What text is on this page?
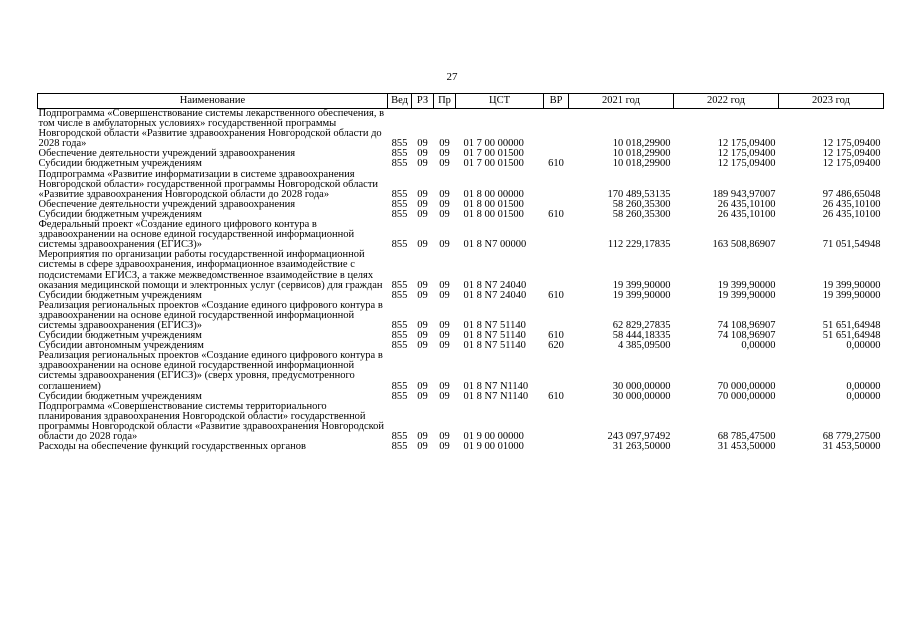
27
Наименование	Вед	РЗ	Пр	ЦСТ	ВР	2021 год	2022 год	2023 год
Подпрограмма «Совершенствование системы лекарственного обеспечения, в том числе в амбулаторных условиях» государственной программы Новгородской области «Развитие здравоохранения Новгородской области до 2028 года»	855	09	09	01 7 00 00000		10 018,29900	12 175,09400	12 175,09400
Обеспечение деятельности учреждений здравоохранения	855	09	09	01 7 00 01500		10 018,29900	12 175,09400	12 175,09400
Субсидии бюджетным учреждениям	855	09	09	01 7 00 01500	610	10 018,29900	12 175,09400	12 175,09400
Подпрограмма «Развитие информатизации в системе здравоохранения Новгородской области» государственной программы Новгородской области «Развитие здравоохранения Новгородской области до 2028 года»	855	09	09	01 8 00 00000		170 489,53135	189 943,97007	97 486,65048
Обеспечение деятельности учреждений здравоохранения	855	09	09	01 8 00 01500		58 260,35300	26 435,10100	26 435,10100
Субсидии бюджетным учреждениям	855	09	09	01 8 00 01500	610	58 260,35300	26 435,10100	26 435,10100
Федеральный проект «Создание единого цифрового контура в здравоохранении на основе единой государственной информационной системы здравоохранения (ЕГИСЗ)»	855	09	09	01 8 N7 00000		112 229,17835	163 508,86907	71 051,54948
Мероприятия по организации работы государственной информационной системы в сфере здравоохранения, информационное взаимодействие с подсистемами ЕГИСЗ, а также межведомственное взаимодействие в целях оказания медицинской помощи и электронных услуг (сервисов) для граждан	855	09	09	01 8 N7 24040		19 399,90000	19 399,90000	19 399,90000
Субсидии бюджетным учреждениям	855	09	09	01 8 N7 24040	610	19 399,90000	19 399,90000	19 399,90000
Реализация региональных проектов «Создание единого цифрового контура в здравоохранении на основе единой государственной информационной системы здравоохранения (ЕГИСЗ)»	855	09	09	01 8 N7 51140		62 829,27835	74 108,96907	51 651,64948
Субсидии бюджетным учреждениям	855	09	09	01 8 N7 51140	610	58 444,18335	74 108,96907	51 651,64948
Субсидии автономным учреждениям	855	09	09	01 8 N7 51140	620	4 385,09500	0,00000	0,00000
Реализация региональных проектов «Создание единого цифрового контура в здравоохранении на основе единой государственной информационной системы здравоохранения (ЕГИСЗ)» (сверх уровня, предусмотренного соглашением)	855	09	09	01 8 N7 N1140		30 000,00000	70 000,00000	0,00000
Субсидии бюджетным учреждениям	855	09	09	01 8 N7 N1140	610	30 000,00000	70 000,00000	0,00000
Подпрограмма «Совершенствование системы территориального планирования здравоохранения Новгородской области» государственной программы Новгородской области «Развитие здравоохранения Новгородской области до 2028 года»	855	09	09	01 9 00 00000		243 097,97492	68 785,47500	68 779,27500
Расходы на обеспечение функций государственных органов	855	09	09	01 9 00 01000		31 263,50000	31 453,50000	31 453,50000
